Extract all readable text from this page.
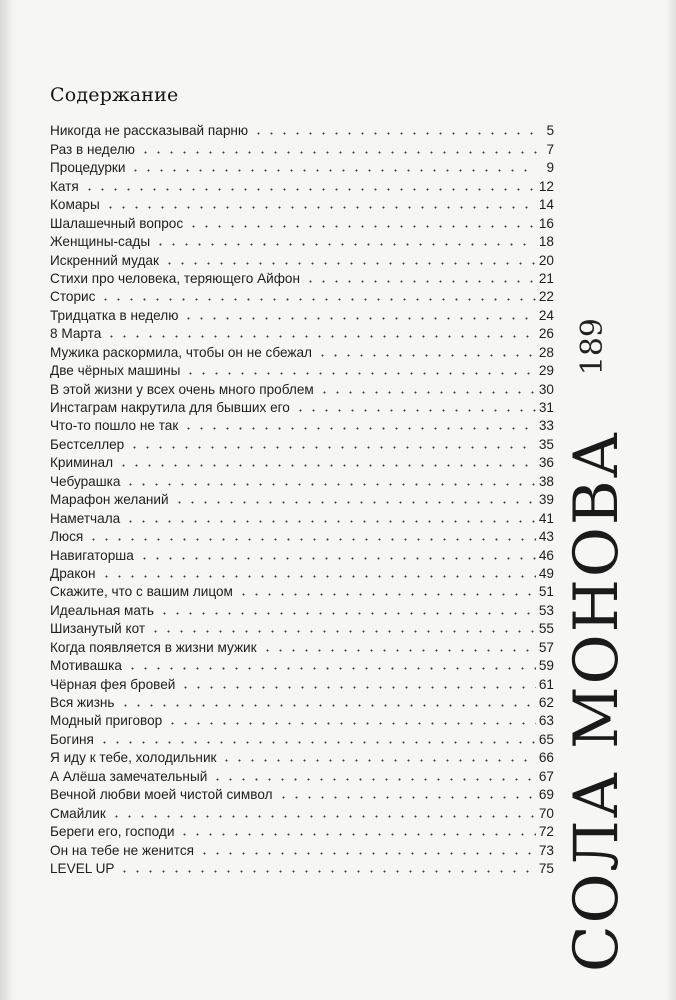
Содержание
Никогда не рассказывай парню	5
Раз в неделю	7
Процедурки	9
Катя	12
Комары	14
Шалашечный вопрос	16
Женщины-сады	18
Искренний мудак	20
Стихи про человека, теряющего Айфон	21
Сторис	22
Тридцатка в неделю	24
8 Марта	26
Мужика раскормила, чтобы он не сбежал	28
Две чёрных машины	29
В этой жизни у всех очень много проблем	30
Инстаграм накрутила для бывших его	31
Что-то пошло не так	33
Бестселлер	35
Криминал	36
Чебурашка	38
Марафон желаний	39
Наметчала	41
Люся	43
Навигаторша	46
Дракон	49
Скажите, что с вашим лицом	51
Идеальная мать	53
Шизанутый кот	55
Когда появляется в жизни мужик	57
Мотивашка	59
Чёрная фея бровей	61
Вся жизнь	62
Модный приговор	63
Богиня	65
Я иду к тебе, холодильник	66
А Алёша замечательный	67
Вечной любви моей чистой символ	69
Смайлик	70
Береги его, господи	72
Он на тебе не женится	73
LEVEL UP	75
189
СОЛА МОНОВА
